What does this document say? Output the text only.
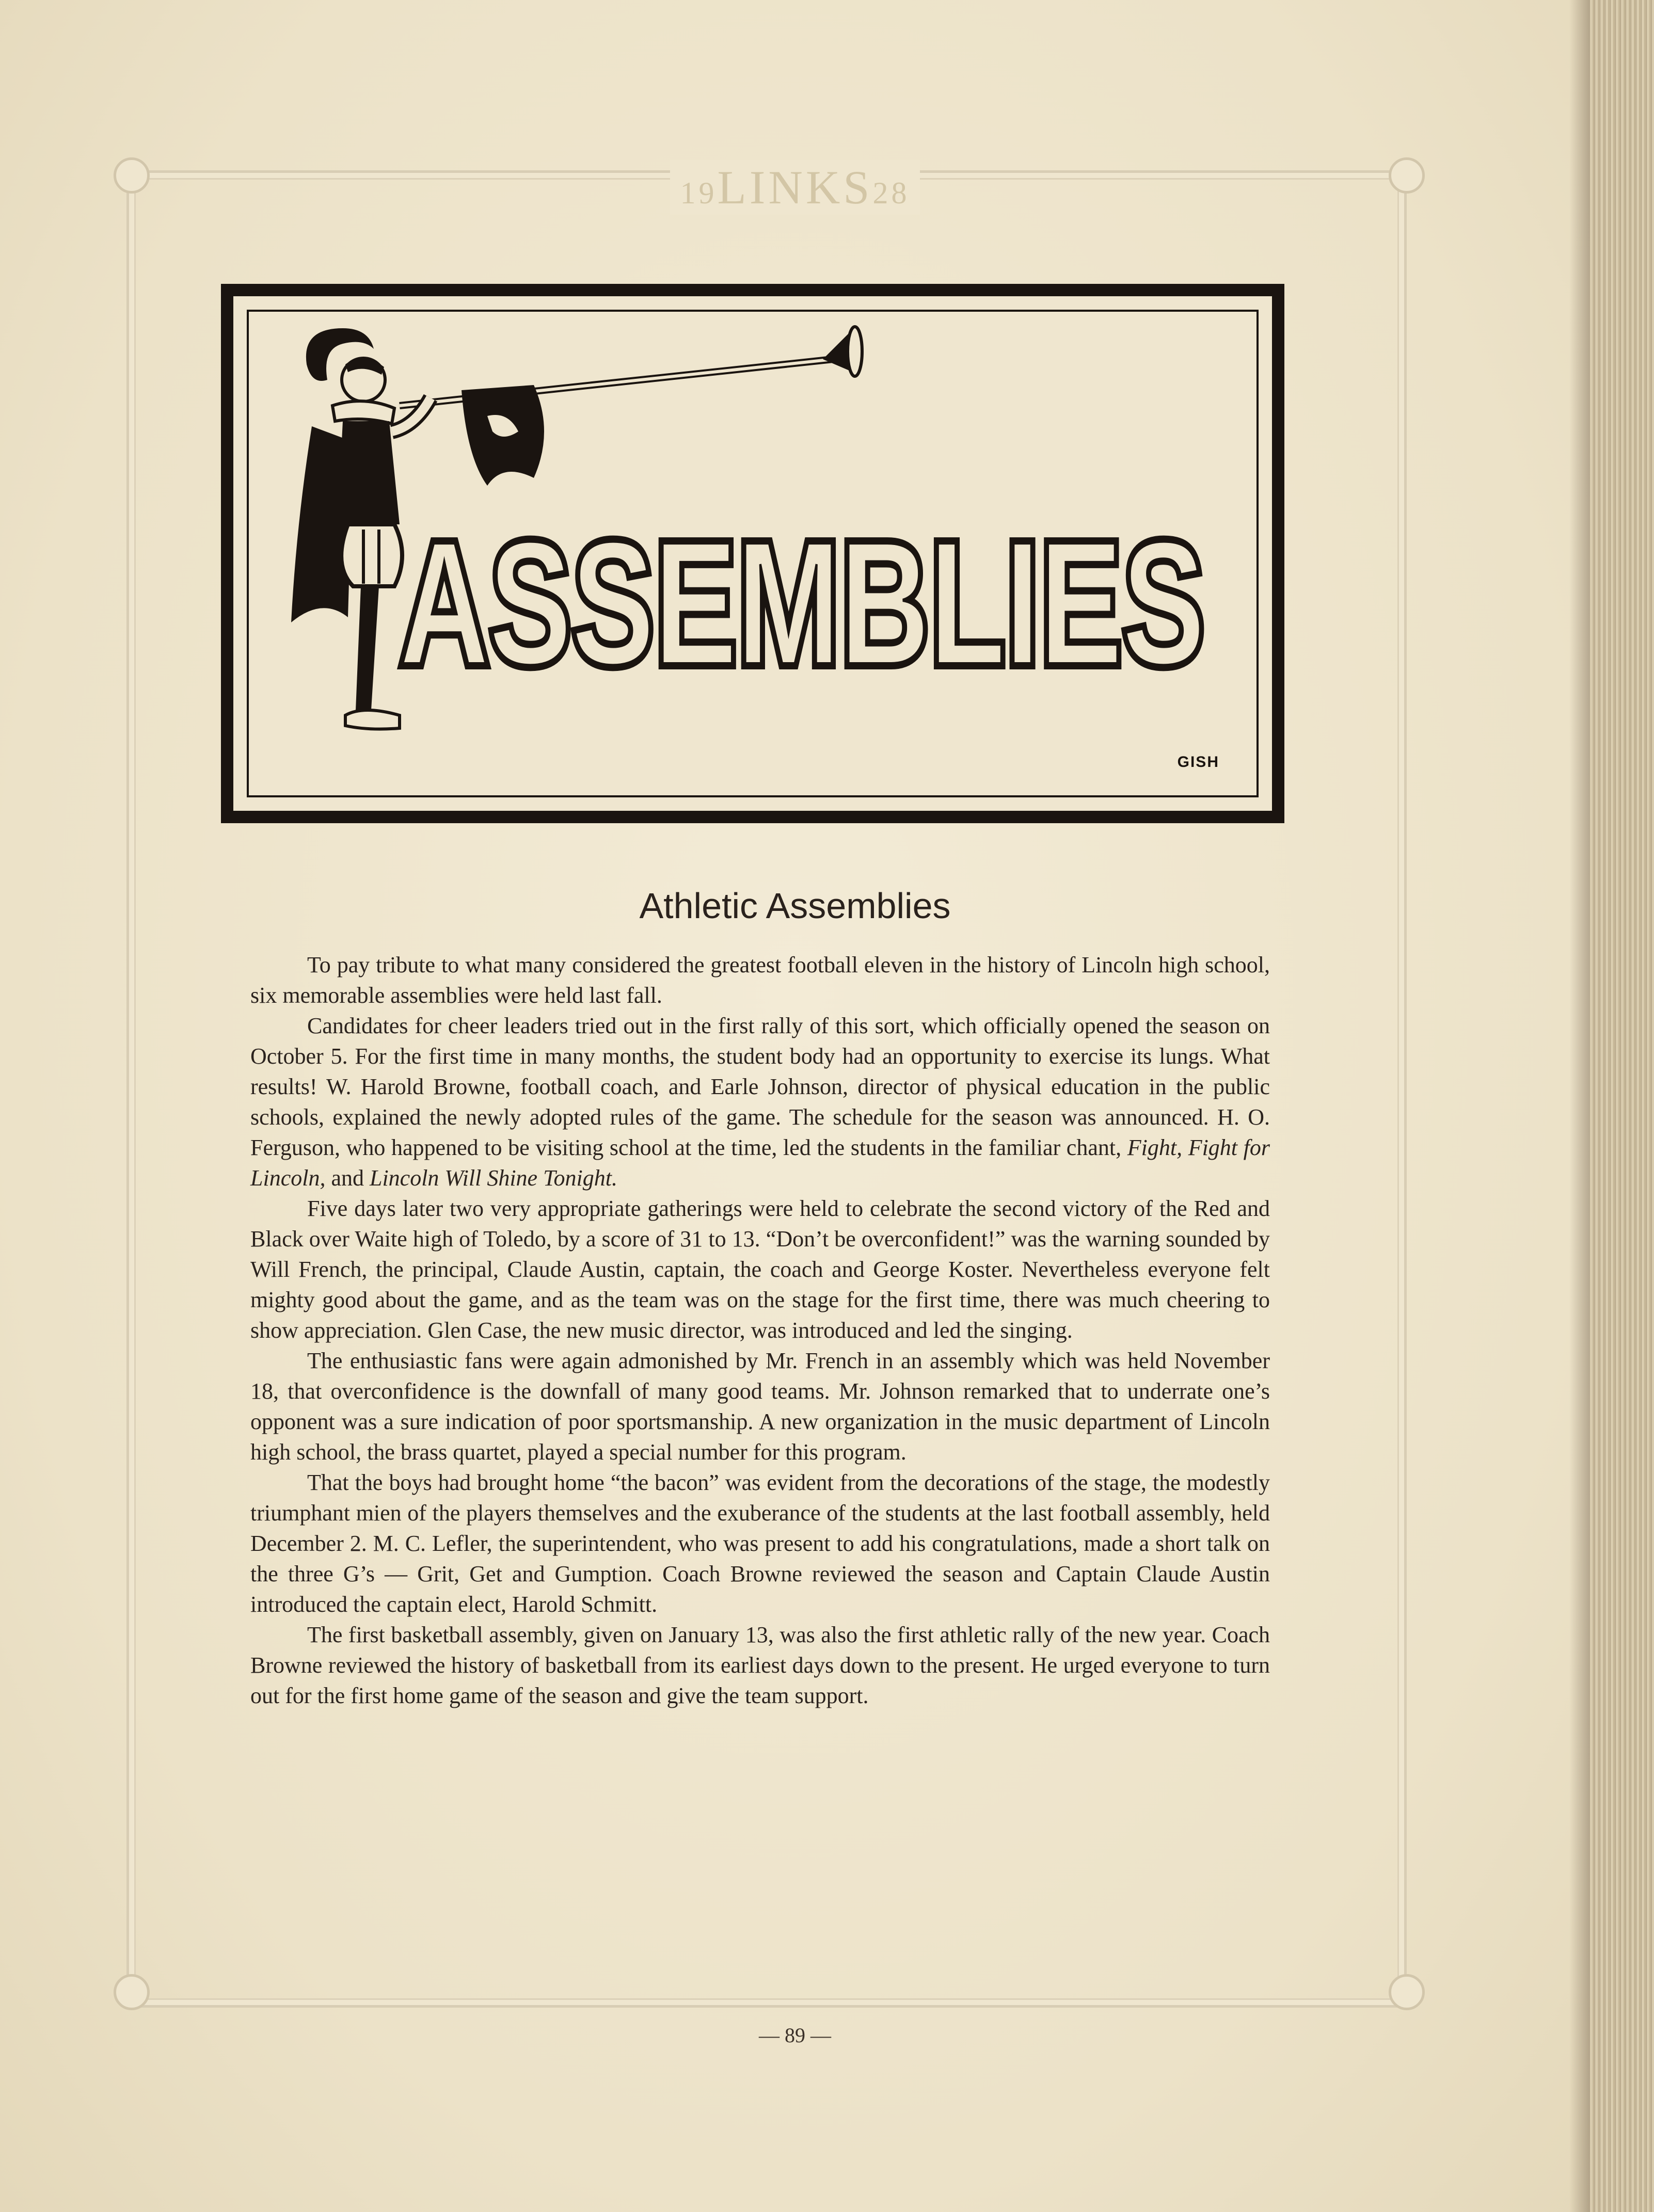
19LINKS28
ASSEMBLIES
ASSEMBLIES
GISH
Athletic Assemblies

To pay tribute to what many considered the greatest football eleven in the history of Lincoln high school, six memorable assemblies were held last fall.

Candidates for cheer leaders tried out in the first rally of this sort, which officially opened the season on October 5. For the first time in many months, the student body had an opportunity to exercise its lungs. What results! W. Harold Browne, football coach, and Earle Johnson, director of physical education in the public schools, explained the newly adopted rules of the game. The schedule for the season was announced. H. O. Ferguson, who happened to be visiting school at the time, led the students in the familiar chant, Fight, Fight for Lincoln, and Lincoln Will Shine Tonight.

Five days later two very appropriate gatherings were held to celebrate the second victory of the Red and Black over Waite high of Toledo, by a score of 31 to 13. “Don’t be overconfident!” was the warning sounded by Will French, the principal, Claude Austin, captain, the coach and George Koster. Nevertheless everyone felt mighty good about the game, and as the team was on the stage for the first time, there was much cheering to show appreciation. Glen Case, the new music director, was introduced and led the singing.

The enthusiastic fans were again admonished by Mr. French in an assembly which was held November 18, that overconfidence is the downfall of many good teams. Mr. Johnson remarked that to underrate one’s opponent was a sure indication of poor sportsmanship. A new organization in the music department of Lincoln high school, the brass quartet, played a special number for this program.

That the boys had brought home “the bacon” was evident from the decorations of the stage, the modestly triumphant mien of the players themselves and the exuberance of the students at the last football assembly, held December 2. M. C. Lefler, the superintendent, who was present to add his congratulations, made a short talk on the three G’s — Grit, Get and Gumption. Coach Browne reviewed the season and Captain Claude Austin introduced the captain elect, Harold Schmitt.

The first basketball assembly, given on January 13, was also the first athletic rally of the new year. Coach Browne reviewed the history of basketball from its earliest days down to the present. He urged everyone to turn out for the first home game of the season and give the team support.

— 89 —
